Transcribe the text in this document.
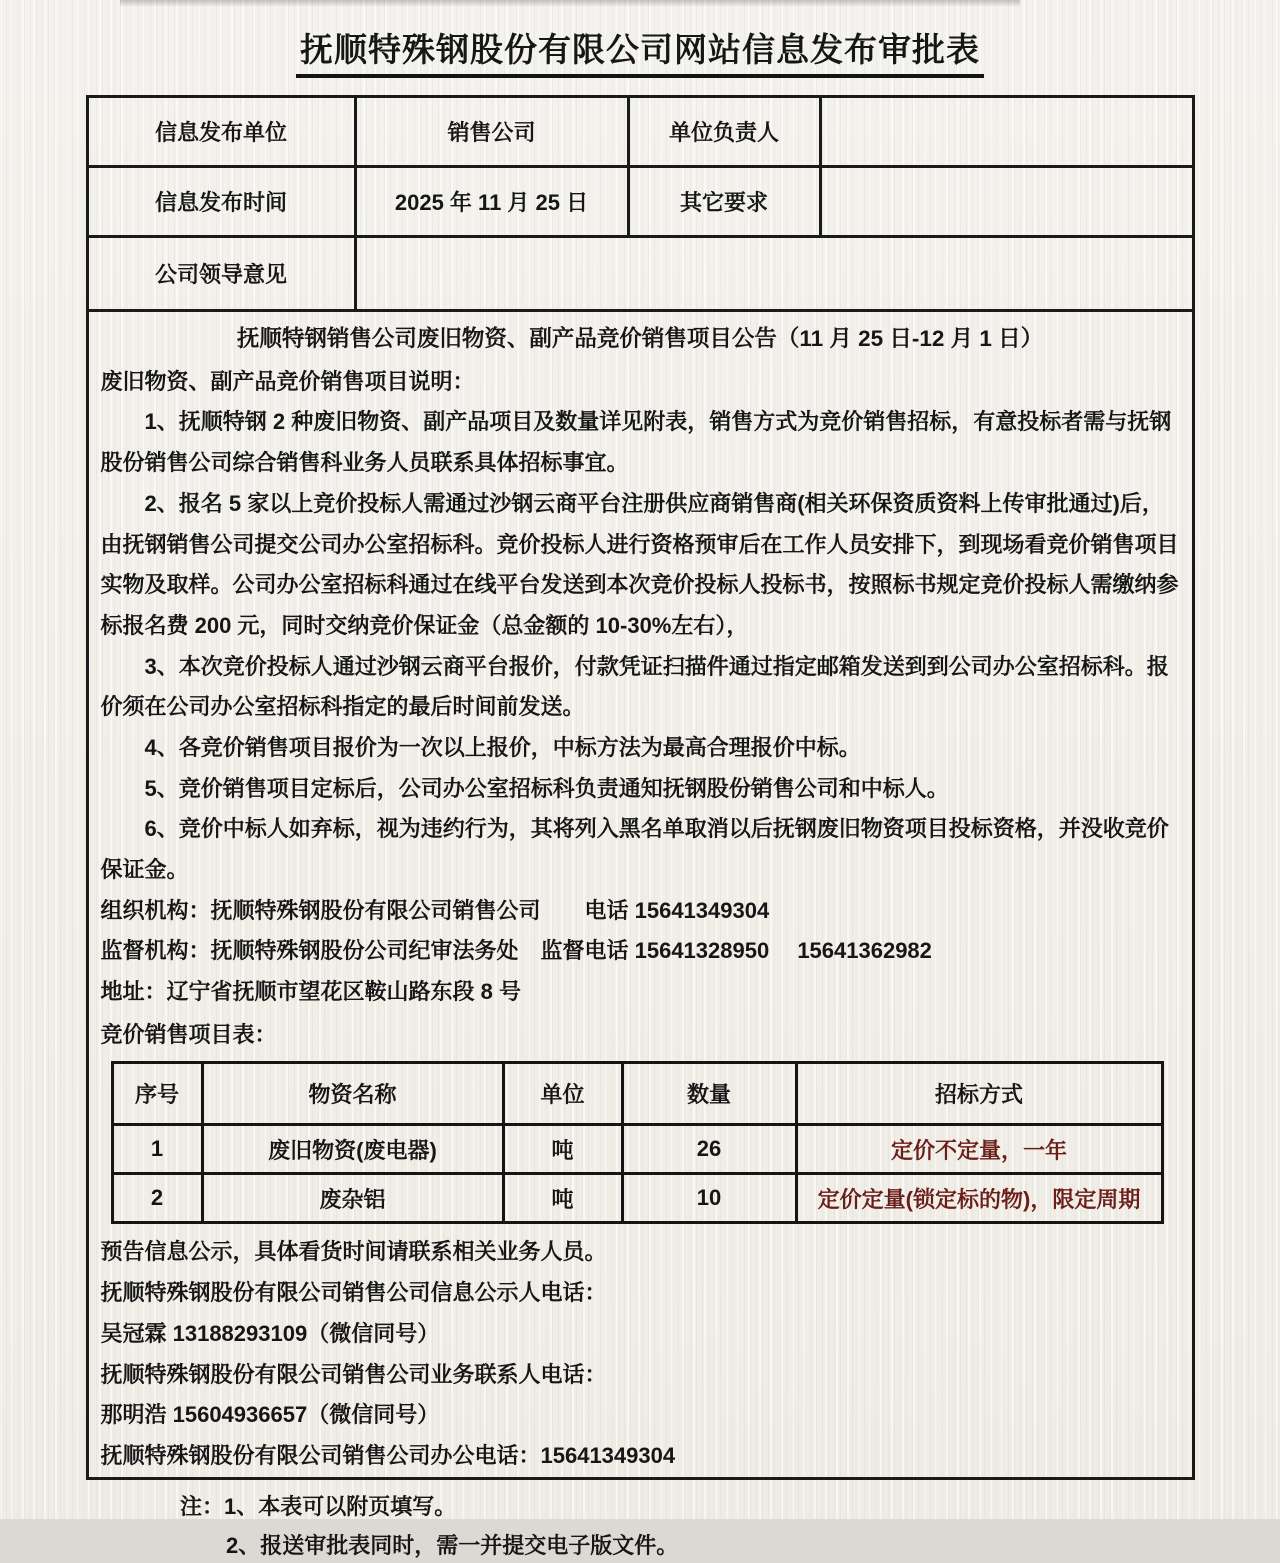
抚顺特殊钢股份有限公司网站信息发布审批表
信息发布单位	销售公司	单位负责人	
信息发布时间	2025 年 11 月 25 日	其它要求	
公司领导意见	

抚顺特钢销售公司废旧物资、副产品竞价销售项目公告（11 月 25 日-12 月 1 日）

废旧物资、副产品竞价销售项目说明：

1、抚顺特钢 2 种废旧物资、副产品项目及数量详见附表，销售方式为竞价销售招标，有意投标者需与抚钢股份销售公司综合销售科业务人员联系具体招标事宜。

2、报名 5 家以上竞价投标人需通过沙钢云商平台注册供应商销售商(相关环保资质资料上传审批通过)后，由抚钢销售公司提交公司办公室招标科。竞价投标人进行资格预审后在工作人员安排下，到现场看竞价销售项目实物及取样。公司办公室招标科通过在线平台发送到本次竞价投标人投标书，按照标书规定竞价投标人需缴纳参标报名费 200 元，同时交纳竞价保证金（总金额的 10-30%左右），

3、本次竞价投标人通过沙钢云商平台报价，付款凭证扫描件通过指定邮箱发送到到公司办公室招标科。报价须在公司办公室招标科指定的最后时间前发送。

4、各竞价销售项目报价为一次以上报价，中标方法为最高合理报价中标。

5、竞价销售项目定标后，公司办公室招标科负责通知抚钢股份销售公司和中标人。

6、竞价中标人如弃标，视为违约行为，其将列入黑名单取消以后抚钢废旧物资项目投标资格，并没收竞价保证金。

组织机构：抚顺特殊钢股份有限公司销售公司　　电话 15641349304

监督机构：抚顺特殊钢股份公司纪审法务处　监督电话 15641328950　 15641362982

地址：辽宁省抚顺市望花区鞍山路东段 8 号

竞价销售项目表：

序号	物资名称	单位	数量	招标方式
1	废旧物资(废电器)	吨	26	定价不定量，一年
2	废杂铝	吨	10	定价定量(锁定标的物)，限定周期

预告信息公示，具体看货时间请联系相关业务人员。

抚顺特殊钢股份有限公司销售公司信息公示人电话：

吴冠霖 13188293109（微信同号）

抚顺特殊钢股份有限公司销售公司业务联系人电话：

那明浩 15604936657（微信同号）

抚顺特殊钢股份有限公司销售公司办公电话：15641349304

注：1、本表可以附页填写。
2、报送审批表同时，需一并提交电子版文件。
